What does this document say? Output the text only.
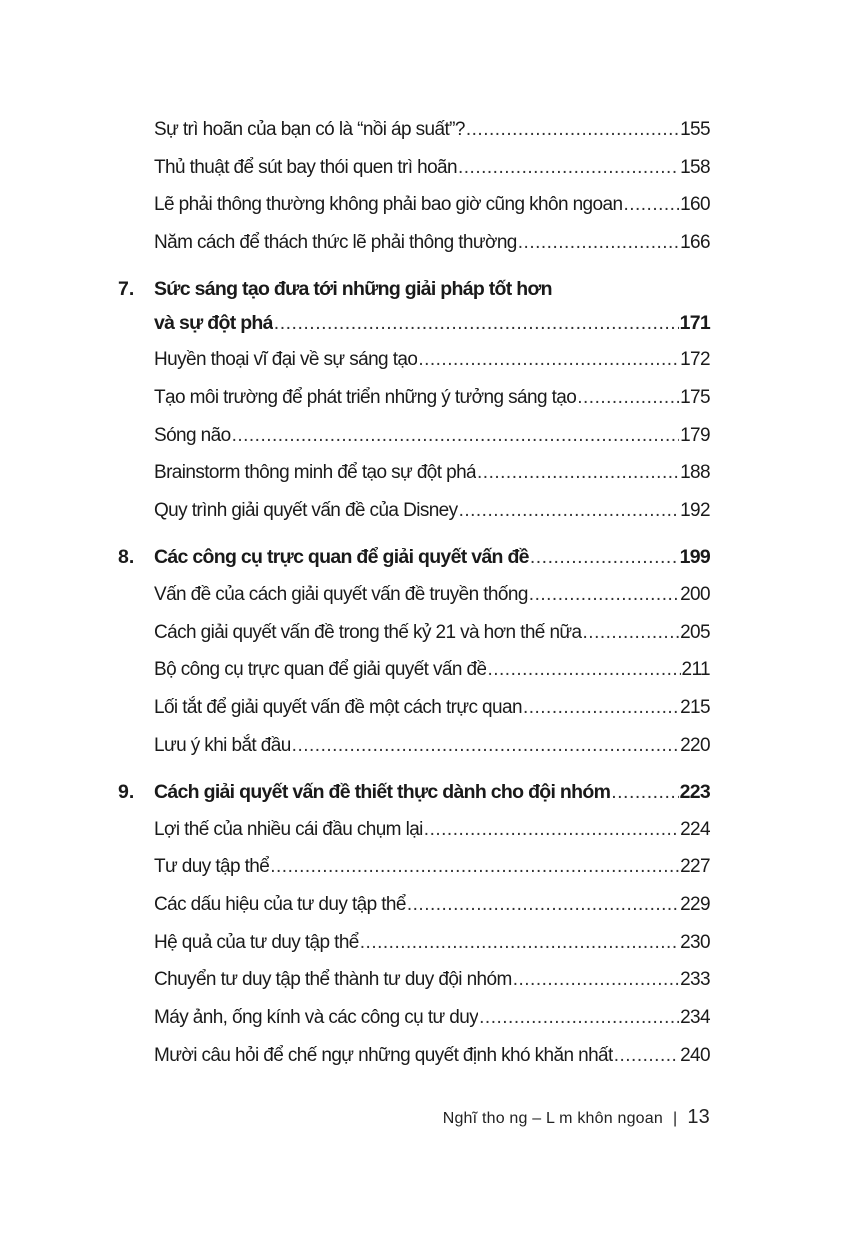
Sự trì hoãn của bạn có là “nồi áp suất”? .....	155
Thủ thuật để sút bay thói quen trì hoãn .....	158
Lẽ phải thông thường không phải bao giờ cũng khôn ngoan .....	160
Năm cách để thách thức lẽ phải thông thường .....	166
7. Sức sáng tạo đưa tới những giải pháp tốt hơn
và sự đột phá .....	171
Huyền thoại vĩ đại về sự sáng tạo .....	172
Tạo môi trường để phát triển những ý tưởng sáng tạo .....	175
Sóng não .....	179
Brainstorm thông minh để tạo sự đột phá .....	188
Quy trình giải quyết vấn đề của Disney .....	192
8. Các công cụ trực quan để giải quyết vấn đề .....	199
Vấn đề của cách giải quyết vấn đề truyền thống .....	200
Cách giải quyết vấn đề trong thế kỷ 21 và hơn thế nữa .....	205
Bộ công cụ trực quan để giải quyết vấn đề .....	211
Lối tắt để giải quyết vấn đề một cách trực quan .....	215
Lưu ý khi bắt đầu .....	220
9. Cách giải quyết vấn đề thiết thực dành cho đội nhóm .....	223
Lợi thế của nhiều cái đầu chụm lại .....	224
Tư duy tập thể .....	227
Các dấu hiệu của tư duy tập thể .....	229
Hệ quả của tư duy tập thể .....	230
Chuyển tư duy tập thể thành tư duy đội nhóm .....	233
Máy ảnh, ống kính và các công cụ tư duy .....	234
Mười câu hỏi để chế ngự những quyết định khó khăn nhất .....	240
Nghĩ tho ng – L m khôn ngoan | 13
